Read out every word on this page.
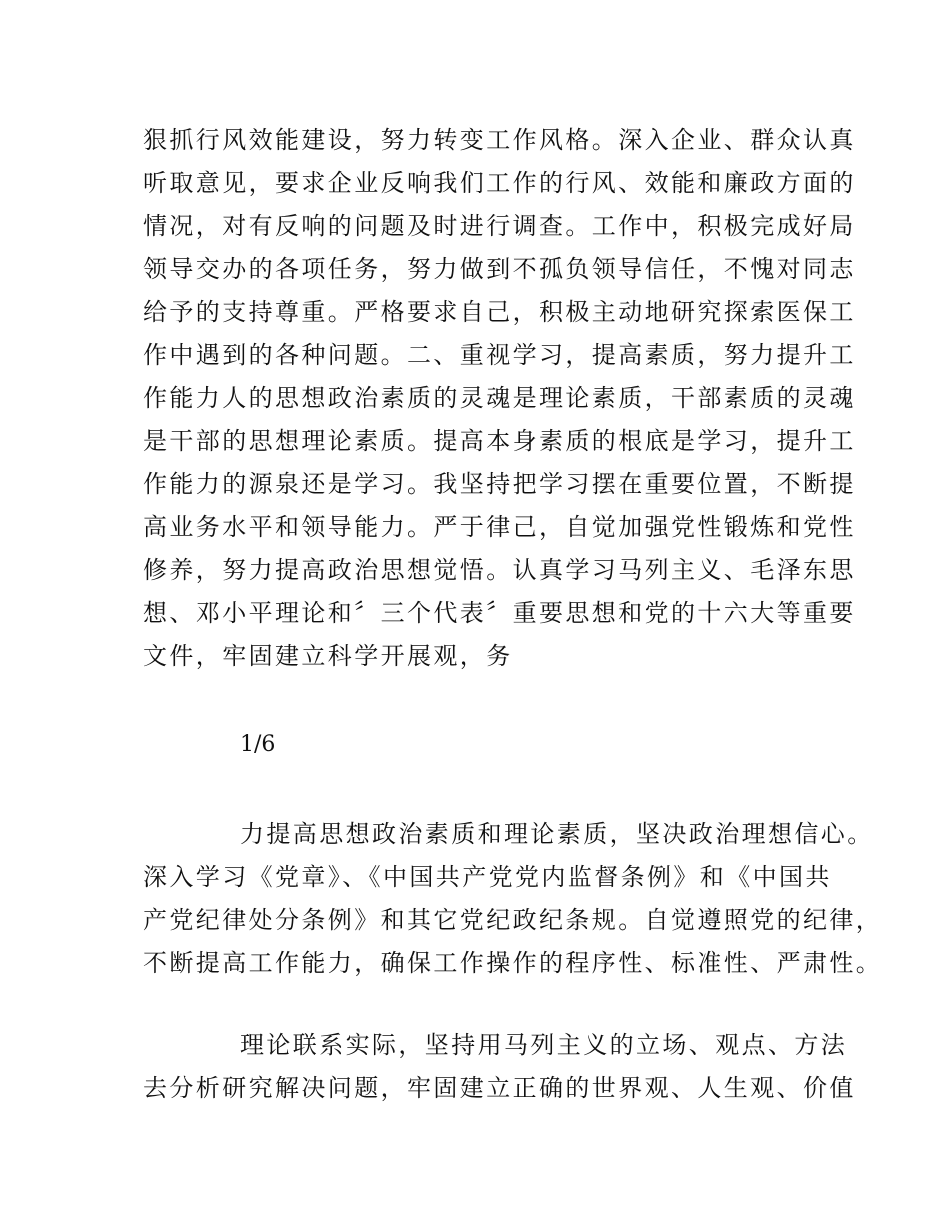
狠抓行风效能建设，努力转变工作风格。深入企业、群众认真
听取意见，要求企业反响我们工作的行风、效能和廉政方面的
情况，对有反响的问题及时进行调查。工作中，积极完成好局
领导交办的各项任务，努力做到不孤负领导信任，不愧对同志
给予的支持尊重。严格要求自己，积极主动地研究探索医保工
作中遇到的各种问题。二、重视学习，提高素质，努力提升工
作能力人的思想政治素质的灵魂是理论素质，干部素质的灵魂
是干部的思想理论素质。提高本身素质的根底是学习，提升工
作能力的源泉还是学习。我坚持把学习摆在重要位置，不断提
高业务水平和领导能力。严于律己，自觉加强党性锻炼和党性
修养，努力提高政治思想觉悟。认真学习马列主义、毛泽东思
想、邓小平理论和〞三个代表〞重要思想和党的十六大等重要
文件，牢固建立科学开展观，务
1/6
力提高思想政治素质和理论素质，坚决政治理想信心。
深入学习《党章》、《中国共产党党内监督条例》和《中国共
产党纪律处分条例》和其它党纪政纪条规。自觉遵照党的纪律，
不断提高工作能力，确保工作操作的程序性、标准性、严肃性。
理论联系实际，坚持用马列主义的立场、观点、方法
去分析研究解决问题，牢固建立正确的世界观、人生观、价值
